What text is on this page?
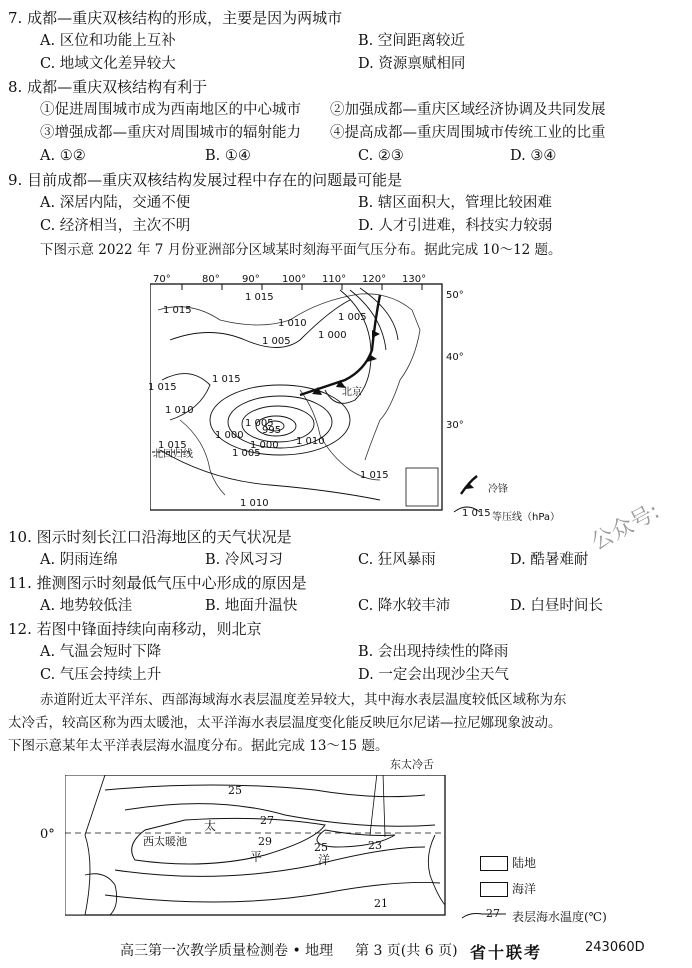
7. 成都—重庆双核结构的形成，主要是因为两城市
A. 区位和功能上互补	B. 空间距离较近
C. 地域文化差异较大	D. 资源禀赋相同
8. 成都—重庆双核结构有利于
①促进周围城市成为西南地区的中心城市 ②加强成都—重庆区域经济协调及共同发展
③增强成都—重庆对周围城市的辐射能力 ④提高成都—重庆周围城市传统工业的比重
A. ①②	B. ①④	C. ②③	D. ③④
9. 目前成都—重庆双核结构发展过程中存在的问题最可能是
A. 深居内陆，交通不便	B. 辖区面积大，管理比较困难
C. 经济相当，主次不明	D. 人才引进难，科技实力较弱
下图示意 2022 年 7 月份亚洲部分区域某时刻海平面气压分布。据此完成 10～12 题。
70°	80° 90° 100° 110° 120° 130°
50°
40°
30°
1 015
1 015
1 010
1 005
1 000
1 005
1 015
1 015
1 010
1 005
1 000 995
1 000
1 005
1 010
1 015
1 010
1 015
北京
北回归线
冷锋
1 015 等压线（hPa） 公众号:
10. 图示时刻长江口沿海地区的天气状况是
A. 阴雨连绵	B. 冷风习习	C. 狂风暴雨	D. 酷暑难耐
11. 推测图示时刻最低气压中心形成的原因是
A. 地势较低洼	B. 地面升温快	C. 降水较丰沛	D. 白昼时间长
12. 若图中锋面持续向南移动，则北京
A. 气温会短时下降	B. 会出现持续性的降雨
C. 气压会持续上升	D. 一定会出现沙尘天气
赤道附近太平洋东、西部海域海水表层温度差异较大，其中海水表层温度较低区域称为东
太冷舌，较高区称为西太暖池，太平洋海水表层温度变化能反映厄尔尼诺—拉尼娜现象波动。
下图示意某年太平洋表层海水温度分布。据此完成 13～15 题。
东太冷舌
0°	西太暖池
太
平	洋
25
27
29	23
25
21
陆地
海洋
27 表层海水温度(℃)
高三第一次教学质量检测卷 • 地理 第 3 页(共 6 页) 省十联考	243060D
